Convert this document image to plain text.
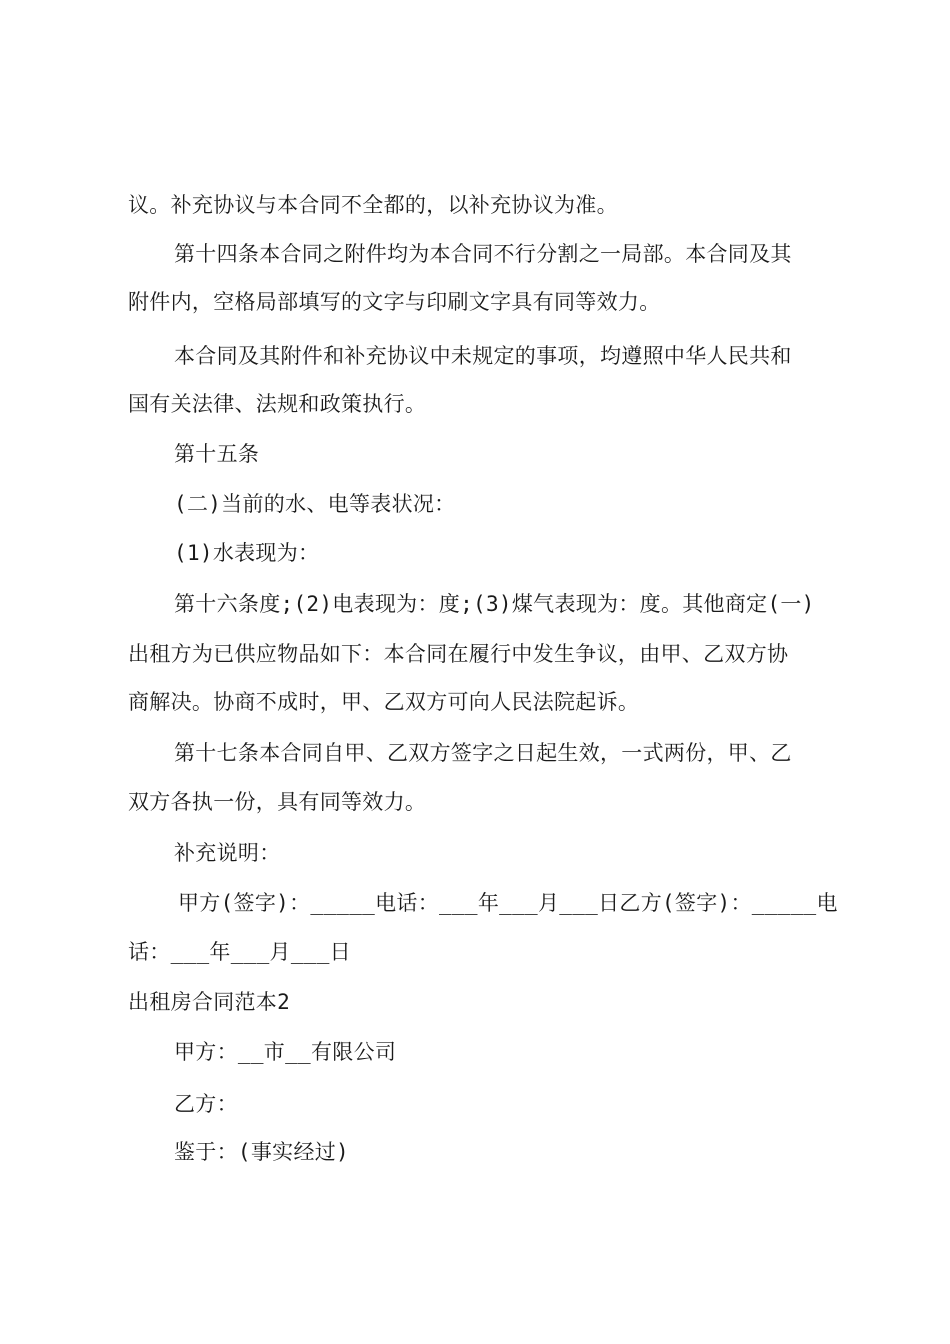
议。补充协议与本合同不全都的，以补充协议为准。
第十四条本合同之附件均为本合同不行分割之一局部。本合同及其
附件内，空格局部填写的文字与印刷文字具有同等效力。
本合同及其附件和补充协议中未规定的事项，均遵照中华人民共和
国有关法律、法规和政策执行。
第十五条
(二)当前的水、电等表状况：
(1)水表现为：
第十六条度;(2)电表现为：度;(3)煤气表现为：度。其他商定(一)
出租方为已供应物品如下：本合同在履行中发生争议，由甲、乙双方协
商解决。协商不成时，甲、乙双方可向人民法院起诉。
第十七条本合同自甲、乙双方签字之日起生效，一式两份，甲、乙
双方各执一份，具有同等效力。
补充说明：
甲方(签字)：_____电话：___年___月___日乙方(签字)：_____电
话：___年___月___日
出租房合同范本2
甲方：__市__有限公司
乙方：
鉴于：(事实经过)
